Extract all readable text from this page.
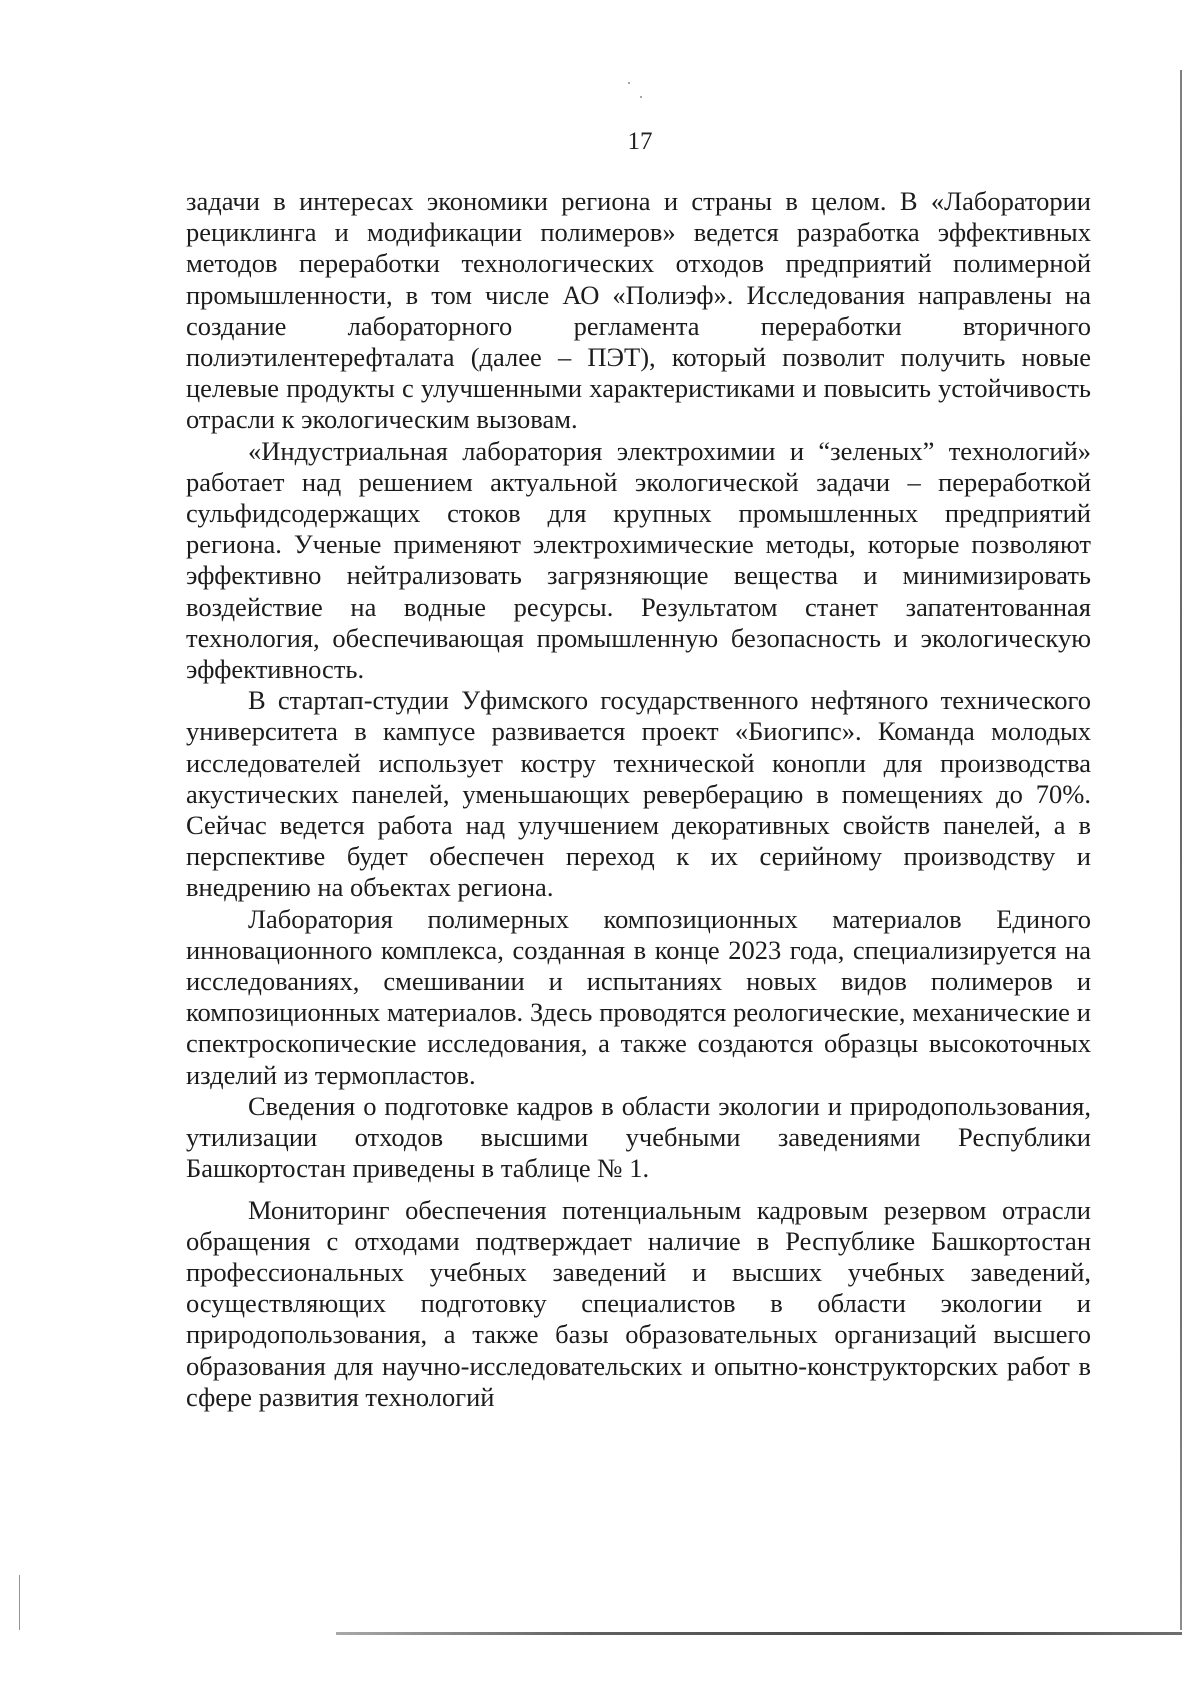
17

задачи в интересах экономики региона и страны в целом. В «Лаборатории рециклинга и модификации полимеров» ведется разработка эффективных методов переработки технологических отходов предприятий полимерной промышленности, в том числе АО «Полиэф». Исследования направлены на создание лабораторного регламента переработки вторичного полиэтилентерефталата (далее – ПЭТ), который позволит получить новые целевые продукты с улучшенными характеристиками и повысить устойчивость отрасли к экологическим вызовам.

«Индустриальная лаборатория электрохимии и “зеленых” технологий» работает над решением актуальной экологической задачи – переработкой сульфидсодержащих стоков для крупных промышленных предприятий региона. Ученые применяют электрохимические методы, которые позволяют эффективно нейтрализовать загрязняющие вещества и минимизировать воздействие на водные ресурсы. Результатом станет запатентованная технология, обеспечивающая промышленную безопасность и экологическую эффективность.

В стартап-студии Уфимского государственного нефтяного технического университета в кампусе развивается проект «Биогипс». Команда молодых исследователей использует костру технической конопли для производства акустических панелей, уменьшающих реверберацию в помещениях до 70%. Сейчас ведется работа над улучшением декоративных свойств панелей, а в перспективе будет обеспечен переход к их серийному производству и внедрению на объектах региона.

Лаборатория полимерных композиционных материалов Единого инновационного комплекса, созданная в конце 2023 года, специализируется на исследованиях, смешивании и испытаниях новых видов полимеров и композиционных материалов. Здесь проводятся реологические, механические и спектроскопические исследования, а также создаются образцы высокоточных изделий из термопластов.

Сведения о подготовке кадров в области экологии и природопользования, утилизации отходов высшими учебными заведениями Республики Башкортостан приведены в таблице № 1.

Мониторинг обеспечения потенциальным кадровым резервом отрасли обращения с отходами подтверждает наличие в Республике Башкортостан профессиональных учебных заведений и высших учебных заведений, осуществляющих подготовку специалистов в области экологии и природопользования, а также базы образовательных организаций высшего образования для научно-исследовательских и опытно-конструкторских работ в сфере развития технологий
